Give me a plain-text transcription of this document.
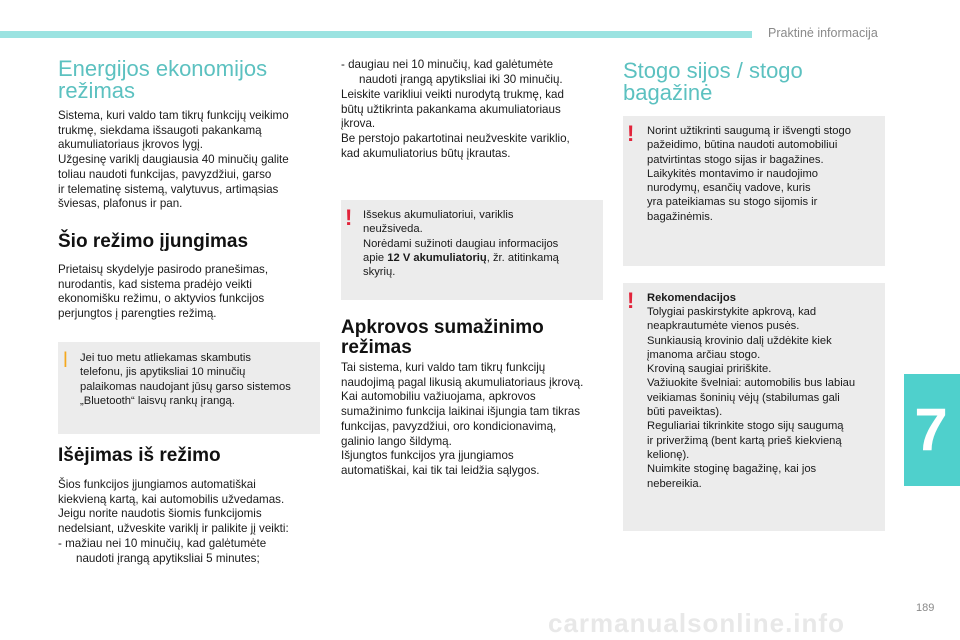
Praktinė informacija
7
189
carmanualsonline.info
Energijos ekonomijos
režimas

Sistema, kuri valdo tam tikrų funkcijų veikimo
trukmę, siekdama išsaugoti pakankamą
akumuliatoriaus įkrovos lygį.
Užgesinę variklį daugiausia 40 minučių galite
toliau naudoti funkcijas, pavyzdžiui, garso
ir telematinę sistemą, valytuvus, artimąsias
šviesas, plafonus ir pan.

Šio režimo įjungimas

Prietaisų skydelyje pasirodo pranešimas,
nurodantis, kad sistema pradėjo veikti
ekonomišku režimu, o aktyvios funkcijos
perjungtos į parengties režimą.

ǀ Jei tuo metu atliekamas skambutis
telefonu, jis apytiksliai 10 minučių
palaikomas naudojant jūsų garso sistemos
„Bluetooth“ laisvų rankų įrangą.

Išėjimas iš režimo

Šios funkcijos įjungiamos automatiškai
kiekvieną kartą, kai automobilis užvedamas.
Jeigu norite naudotis šiomis funkcijomis
nedelsiant, užveskite variklį ir palikite jį veikti:

- mažiau nei 10 minučių, kad galėtumėte
naudoti įrangą apytiksliai 5 minutes;

- daugiau nei 10 minučių, kad galėtumėte
naudoti įrangą apytiksliai iki 30 minučių.

Leiskite varikliui veikti nurodytą trukmę, kad
būtų užtikrinta pakankama akumuliatoriaus
įkrova.
Be perstojo pakartotinai neužveskite variklio,
kad akumuliatorius būtų įkrautas.

! Išsekus akumuliatoriui, variklis
neužsiveda.
Norėdami sužinoti daugiau informacijos
apie 12 V akumuliatorių, žr. atitinkamą
skyrių.

Apkrovos sumažinimo
režimas

Tai sistema, kuri valdo tam tikrų funkcijų
naudojimą pagal likusią akumuliatoriaus įkrovą.
Kai automobiliu važiuojama, apkrovos
sumažinimo funkcija laikinai išjungia tam tikras
funkcijas, pavyzdžiui, oro kondicionavimą,
galinio lango šildymą.
Išjungtos funkcijos yra įjungiamos
automatiškai, kai tik tai leidžia sąlygos.

Stogo sijos / stogo
bagažinė
! Norint užtikrinti saugumą ir išvengti stogo
pažeidimo, būtina naudoti automobiliui
patvirtintas stogo sijas ir bagažines.
Laikykitės montavimo ir naudojimo
nurodymų, esančių vadove, kuris
yra pateikiamas su stogo sijomis ir
bagažinėmis.

! Rekomendacijos

Tolygiai paskirstykite apkrovą, kad
neapkrautumėte vienos pusės.
Sunkiausią krovinio dalį uždėkite kiek
įmanoma arčiau stogo.
Kroviną saugiai pririškite.
Važiuokite švelniai: automobilis bus labiau
veikiamas šoninių vėjų (stabilumas gali
būti paveiktas).
Reguliariai tikrinkite stogo sijų saugumą
ir priveržimą (bent kartą prieš kiekvieną
kelionę).
Nuimkite stoginę bagažinę, kai jos
nebereikia.
